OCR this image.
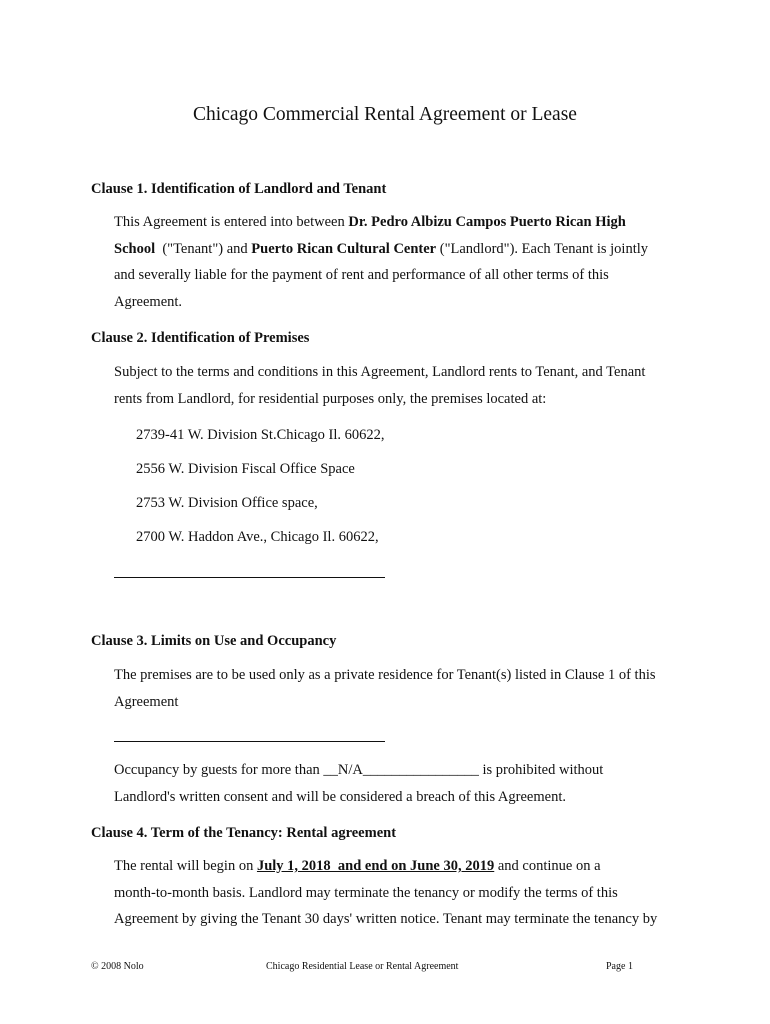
Chicago Commercial Rental Agreement or Lease
Clause 1. Identification of Landlord and Tenant
This Agreement is entered into between Dr. Pedro Albizu Campos Puerto Rican High
School  ("Tenant") and Puerto Rican Cultural Center ("Landlord"). Each Tenant is jointly
and severally liable for the payment of rent and performance of all other terms of this
Agreement.
Clause 2. Identification of Premises
Subject to the terms and conditions in this Agreement, Landlord rents to Tenant, and Tenant
rents from Landlord, for residential purposes only, the premises located at:
2739-41 W. Division St.Chicago Il. 60622,
2556 W. Division Fiscal Office Space
2753 W. Division Office space,
2700 W. Haddon Ave., Chicago Il. 60622,
Clause 3. Limits on Use and Occupancy
The premises are to be used only as a private residence for Tenant(s) listed in Clause 1 of this
Agreement
Occupancy by guests for more than __N/A________________ is prohibited without
Landlord's written consent and will be considered a breach of this Agreement.
Clause 4. Term of the Tenancy: Rental agreement
The rental will begin on July 1, 2018  and end on June 30, 2019 and continue on a
month-to-month basis. Landlord may terminate the tenancy or modify the terms of this
Agreement by giving the Tenant 30 days' written notice. Tenant may terminate the tenancy by
© 2008 Nolo	Chicago Residential Lease or Rental Agreement	Page 1
